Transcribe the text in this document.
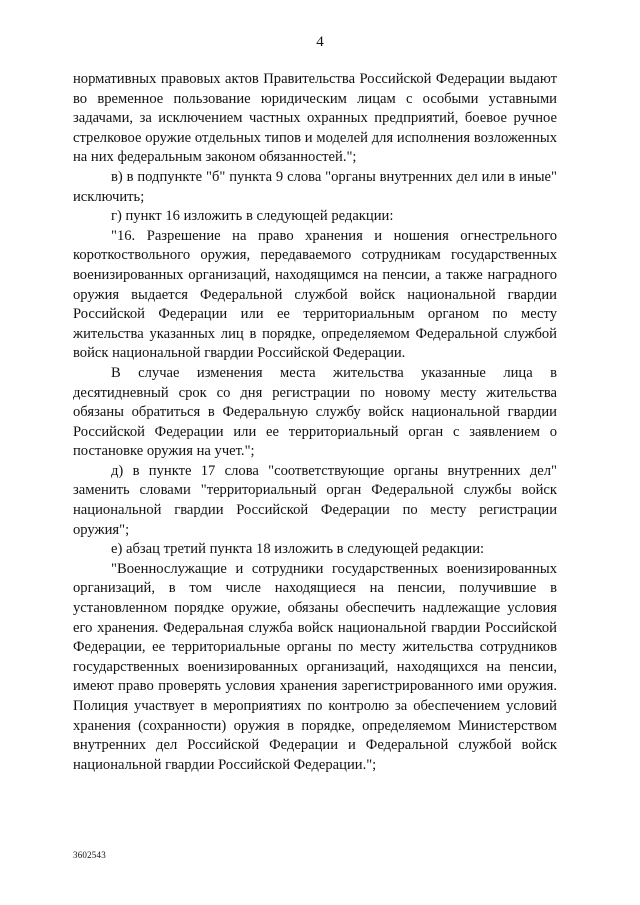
4

нормативных правовых актов Правительства Российской Федерации выдают во временное пользование юридическим лицам с особыми уставными задачами, за исключением частных охранных предприятий, боевое ручное стрелковое оружие отдельных типов и моделей для исполнения возложенных на них федеральным законом обязанностей.";

в) в подпункте "б" пункта 9 слова "органы внутренних дел или в иные" исключить;

г) пункт 16 изложить в следующей редакции:

"16. Разрешение на право хранения и ношения огнестрельного короткоствольного оружия, передаваемого сотрудникам государственных военизированных организаций, находящимся на пенсии, а также наградного оружия выдается Федеральной службой войск национальной гвардии Российской Федерации или ее территориальным органом по месту жительства указанных лиц в порядке, определяемом Федеральной службой войск национальной гвардии Российской Федерации.

В случае изменения места жительства указанные лица в десятидневный срок со дня регистрации по новому месту жительства обязаны обратиться в Федеральную службу войск национальной гвардии Российской Федерации или ее территориальный орган с заявлением о постановке оружия на учет.";

д) в пункте 17 слова "соответствующие органы внутренних дел" заменить словами "территориальный орган Федеральной службы войск национальной гвардии Российской Федерации по месту регистрации оружия";

е) абзац третий пункта 18 изложить в следующей редакции:

"Военнослужащие и сотрудники государственных военизированных организаций, в том числе находящиеся на пенсии, получившие в установленном порядке оружие, обязаны обеспечить надлежащие условия его хранения. Федеральная служба войск национальной гвардии Российской Федерации, ее территориальные органы по месту жительства сотрудников государственных военизированных организаций, находящихся на пенсии, имеют право проверять условия хранения зарегистрированного ими оружия. Полиция участвует в мероприятиях по контролю за обеспечением условий хранения (сохранности) оружия в порядке, определяемом Министерством внутренних дел Российской Федерации и Федеральной службой войск национальной гвардии Российской Федерации.";

3602543
